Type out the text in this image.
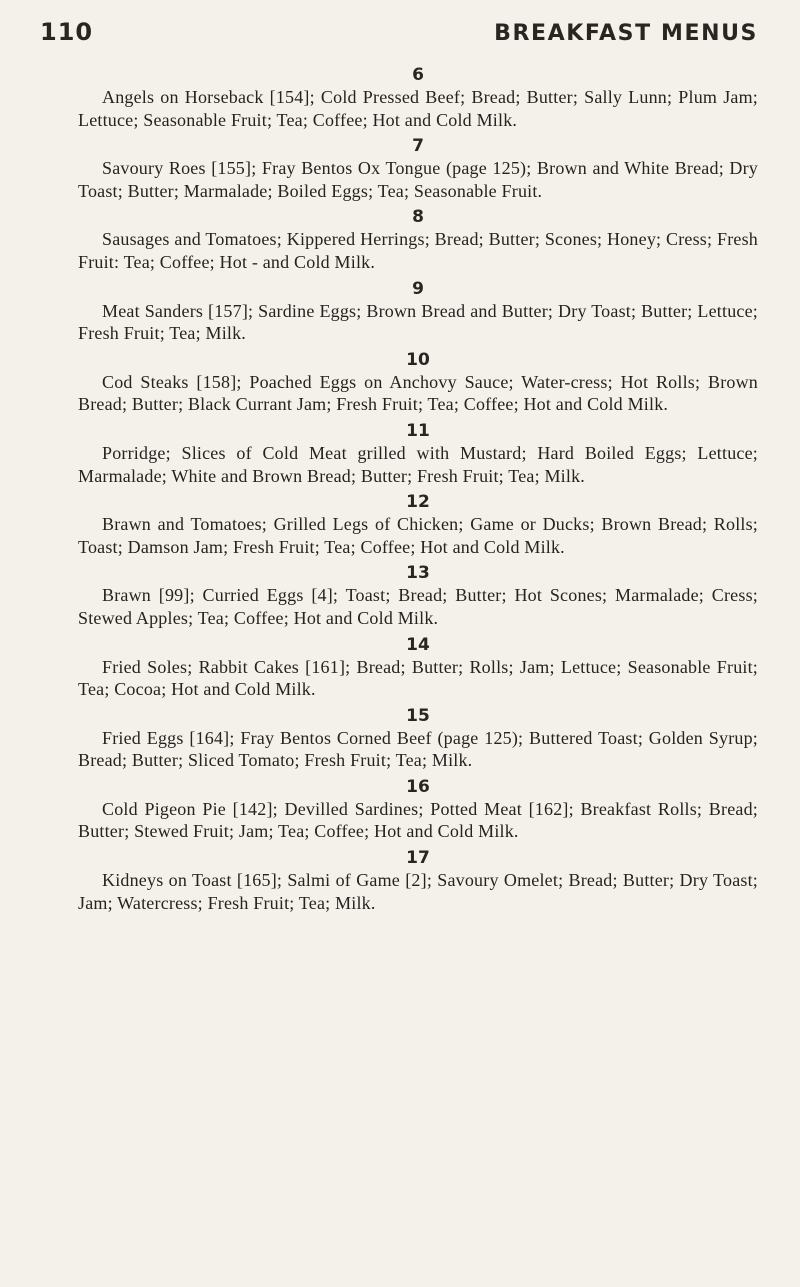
110	BREAKFAST MENUS
6

Angels on Horseback [154]; Cold Pressed Beef; Bread; Butter; Sally Lunn; Plum Jam; Lettuce; Seasonable Fruit; Tea; Coffee; Hot and Cold Milk.

7

Savoury Roes [155]; Fray Bentos Ox Tongue (page 125); Brown and White Bread; Dry Toast; Butter; Marmalade; Boiled Eggs; Tea; Seasonable Fruit.

8

Sausages and Tomatoes; Kippered Herrings; Bread; Butter; Scones; Honey; Cress; Fresh Fruit: Tea; Coffee; Hot - and Cold Milk.

9

Meat Sanders [157]; Sardine Eggs; Brown Bread and Butter; Dry Toast; Butter; Lettuce; Fresh Fruit; Tea; Milk.

10

Cod Steaks [158]; Poached Eggs on Anchovy Sauce; Water-cress; Hot Rolls; Brown Bread; Butter; Black Currant Jam; Fresh Fruit; Tea; Coffee; Hot and Cold Milk.

11

Porridge; Slices of Cold Meat grilled with Mustard; Hard Boiled Eggs; Lettuce; Marmalade; White and Brown Bread; Butter; Fresh Fruit; Tea; Milk.

12

Brawn and Tomatoes; Grilled Legs of Chicken; Game or Ducks; Brown Bread; Rolls; Toast; Damson Jam; Fresh Fruit; Tea; Coffee; Hot and Cold Milk.

13

Brawn [99]; Curried Eggs [4]; Toast; Bread; Butter; Hot Scones; Marmalade; Cress; Stewed Apples; Tea; Coffee; Hot and Cold Milk.

14

Fried Soles; Rabbit Cakes [161]; Bread; Butter; Rolls; Jam; Lettuce; Seasonable Fruit; Tea; Cocoa; Hot and Cold Milk.

15

Fried Eggs [164]; Fray Bentos Corned Beef (page 125); Buttered Toast; Golden Syrup; Bread; Butter; Sliced Tomato; Fresh Fruit; Tea; Milk.

16

Cold Pigeon Pie [142]; Devilled Sardines; Potted Meat [162]; Breakfast Rolls; Bread; Butter; Stewed Fruit; Jam; Tea; Coffee; Hot and Cold Milk.

17

Kidneys on Toast [165]; Salmi of Game [2]; Savoury Omelet; Bread; Butter; Dry Toast; Jam; Watercress; Fresh Fruit; Tea; Milk.
